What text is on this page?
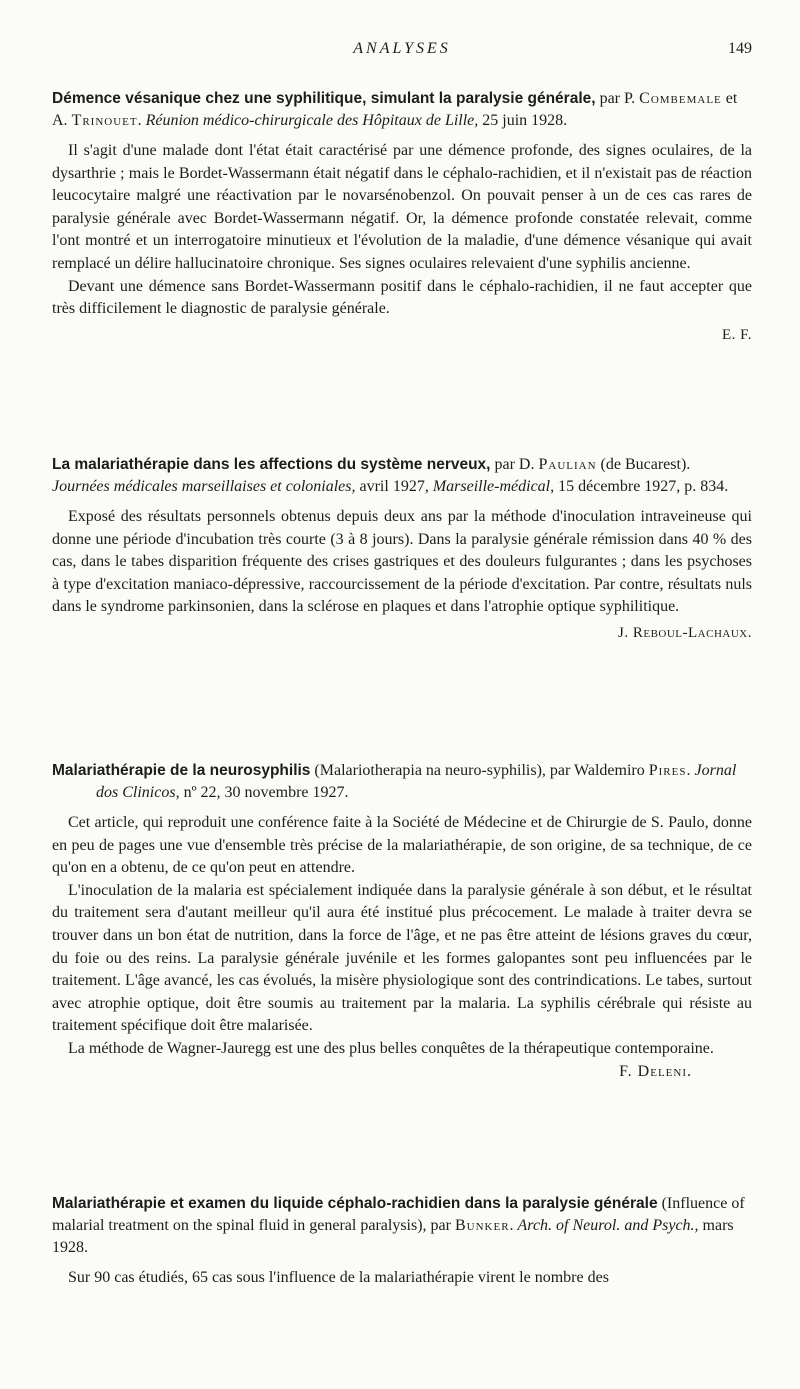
ANALYSES	149

Démence vésanique chez une syphilitique, simulant la paralysie générale, par P. Combemale et A. Trinouet. Réunion médico-chirurgicale des Hôpitaux de Lille, 25 juin 1928.

Il s'agit d'une malade dont l'état était caractérisé par une démence profonde, des signes oculaires, de la dysarthrie ; mais le Bordet-Wassermann était négatif dans le céphalo-rachidien, et il n'existait pas de réaction leucocytaire malgré une réactivation par le novarsénobenzol. On pouvait penser à un de ces cas rares de paralysie générale avec Bordet-Wassermann négatif. Or, la démence profonde constatée relevait, comme l'ont montré et un interrogatoire minutieux et l'évolution de la maladie, d'une démence vésanique qui avait remplacé un délire hallucinatoire chronique. Ses signes oculaires relevaient d'une syphilis ancienne.

Devant une démence sans Bordet-Wassermann positif dans le céphalo-rachidien, il ne faut accepter que très difficilement le diagnostic de paralysie générale.

E. F.

La malariathérapie dans les affections du système nerveux, par D. Paulian (de Bucarest). Journées médicales marseillaises et coloniales, avril 1927, Marseille-médical, 15 décembre 1927, p. 834.

Exposé des résultats personnels obtenus depuis deux ans par la méthode d'inoculation intraveineuse qui donne une période d'incubation très courte (3 à 8 jours). Dans la paralysie générale rémission dans 40 % des cas, dans le tabes disparition fréquente des crises gastriques et des douleurs fulgurantes ; dans les psychoses à type d'excitation maniaco-dépressive, raccourcissement de la période d'excitation. Par contre, résultats nuls dans le syndrome parkinsonien, dans la sclérose en plaques et dans l'atrophie optique syphilitique.

J. Reboul-Lachaux.

Malariathérapie de la neurosyphilis (Malariotherapia na neuro-syphilis), par Waldemiro Pires. Jornal dos Clinicos, nº 22, 30 novembre 1927.

Cet article, qui reproduit une conférence faite à la Société de Médecine et de Chirurgie de S. Paulo, donne en peu de pages une vue d'ensemble très précise de la malariathérapie, de son origine, de sa technique, de ce qu'on en a obtenu, de ce qu'on peut en attendre.

L'inoculation de la malaria est spécialement indiquée dans la paralysie générale à son début, et le résultat du traitement sera d'autant meilleur qu'il aura été institué plus précocement. Le malade à traiter devra se trouver dans un bon état de nutrition, dans la force de l'âge, et ne pas être atteint de lésions graves du cœur, du foie ou des reins. La paralysie générale juvénile et les formes galopantes sont peu influencées par le traitement. L'âge avancé, les cas évolués, la misère physiologique sont des contrindications. Le tabes, surtout avec atrophie optique, doit être soumis au traitement par la malaria. La syphilis cérébrale qui résiste au traitement spécifique doit être malarisée.

La méthode de Wagner-Jauregg est une des plus belles conquêtes de la thérapeutique contemporaine.
F. Deleni.

Malariathérapie et examen du liquide céphalo-rachidien dans la paralysie générale (Influence of malarial treatment on the spinal fluid in general paralysis), par Bunker. Arch. of Neurol. and Psych., mars 1928.

Sur 90 cas étudiés, 65 cas sous l'influence de la malariathérapie virent le nombre des
